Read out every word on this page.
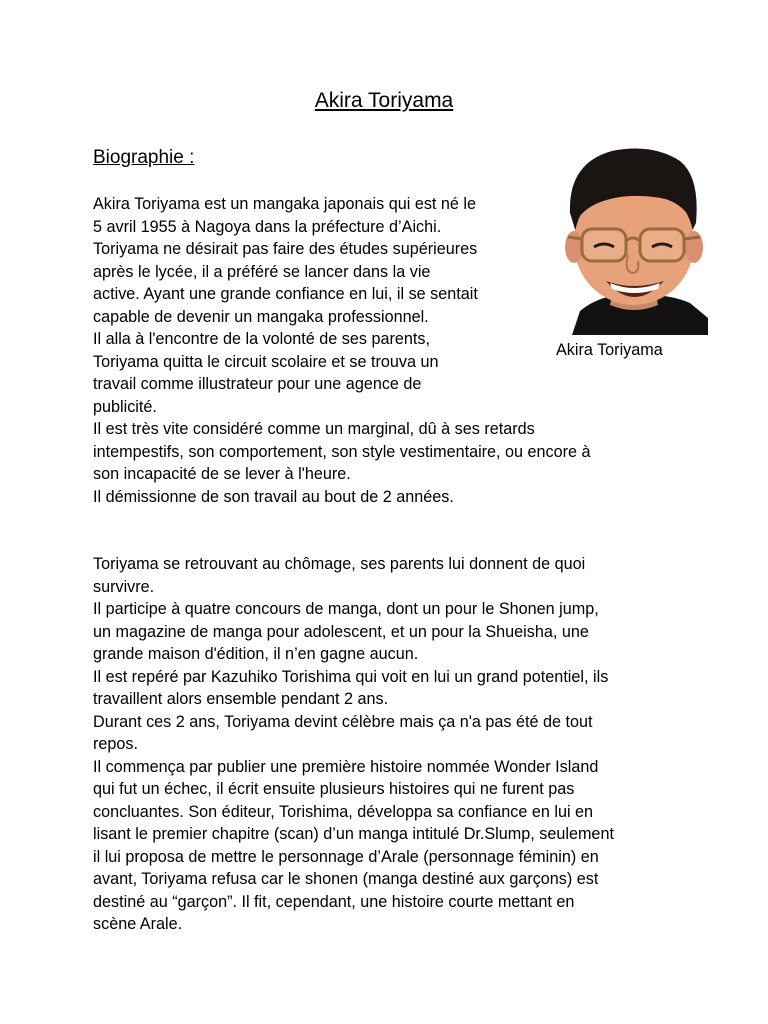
Akira Toriyama
Biographie :
Akira Toriyama

Akira Toriyama est un mangaka japonais qui est né le
5 avril 1955 à Nagoya dans la préfecture d’Aichi.
Toriyama ne désirait pas faire des études supérieures
après le lycée, il a préféré se lancer dans la vie
active. Ayant une grande confiance en lui, il se sentait
capable de devenir un mangaka professionnel.
Il alla à l'encontre de la volonté de ses parents,
Toriyama quitta le circuit scolaire et se trouva un
travail comme illustrateur pour une agence de
publicité.
Il est très vite considéré comme un marginal, dû à ses retards
intempestifs, son comportement, son style vestimentaire, ou encore à
son incapacité de se lever à l'heure.
Il démissionne de son travail au bout de 2 années.

Toriyama se retrouvant au chômage, ses parents lui donnent de quoi
survivre.
Il participe à quatre concours de manga, dont un pour le Shonen jump,
un magazine de manga pour adolescent, et un pour la Shueisha, une
grande maison d'édition, il n’en gagne aucun.
Il est repéré par Kazuhiko Torishima qui voit en lui un grand potentiel, ils
travaillent alors ensemble pendant 2 ans.
Durant ces 2 ans, Toriyama devint célèbre mais ça n'a pas été de tout
repos.
Il commença par publier une première histoire nommée Wonder Island
qui fut un échec, il écrit ensuite plusieurs histoires qui ne furent pas
concluantes. Son éditeur, Torishima, développa sa confiance en lui en
lisant le premier chapitre (scan) d’un manga intitulé Dr.Slump, seulement
il lui proposa de mettre le personnage d’Arale (personnage féminin) en
avant, Toriyama refusa car le shonen (manga destiné aux garçons) est
destiné au “garçon”. Il fit, cependant, une histoire courte mettant en
scène Arale.
